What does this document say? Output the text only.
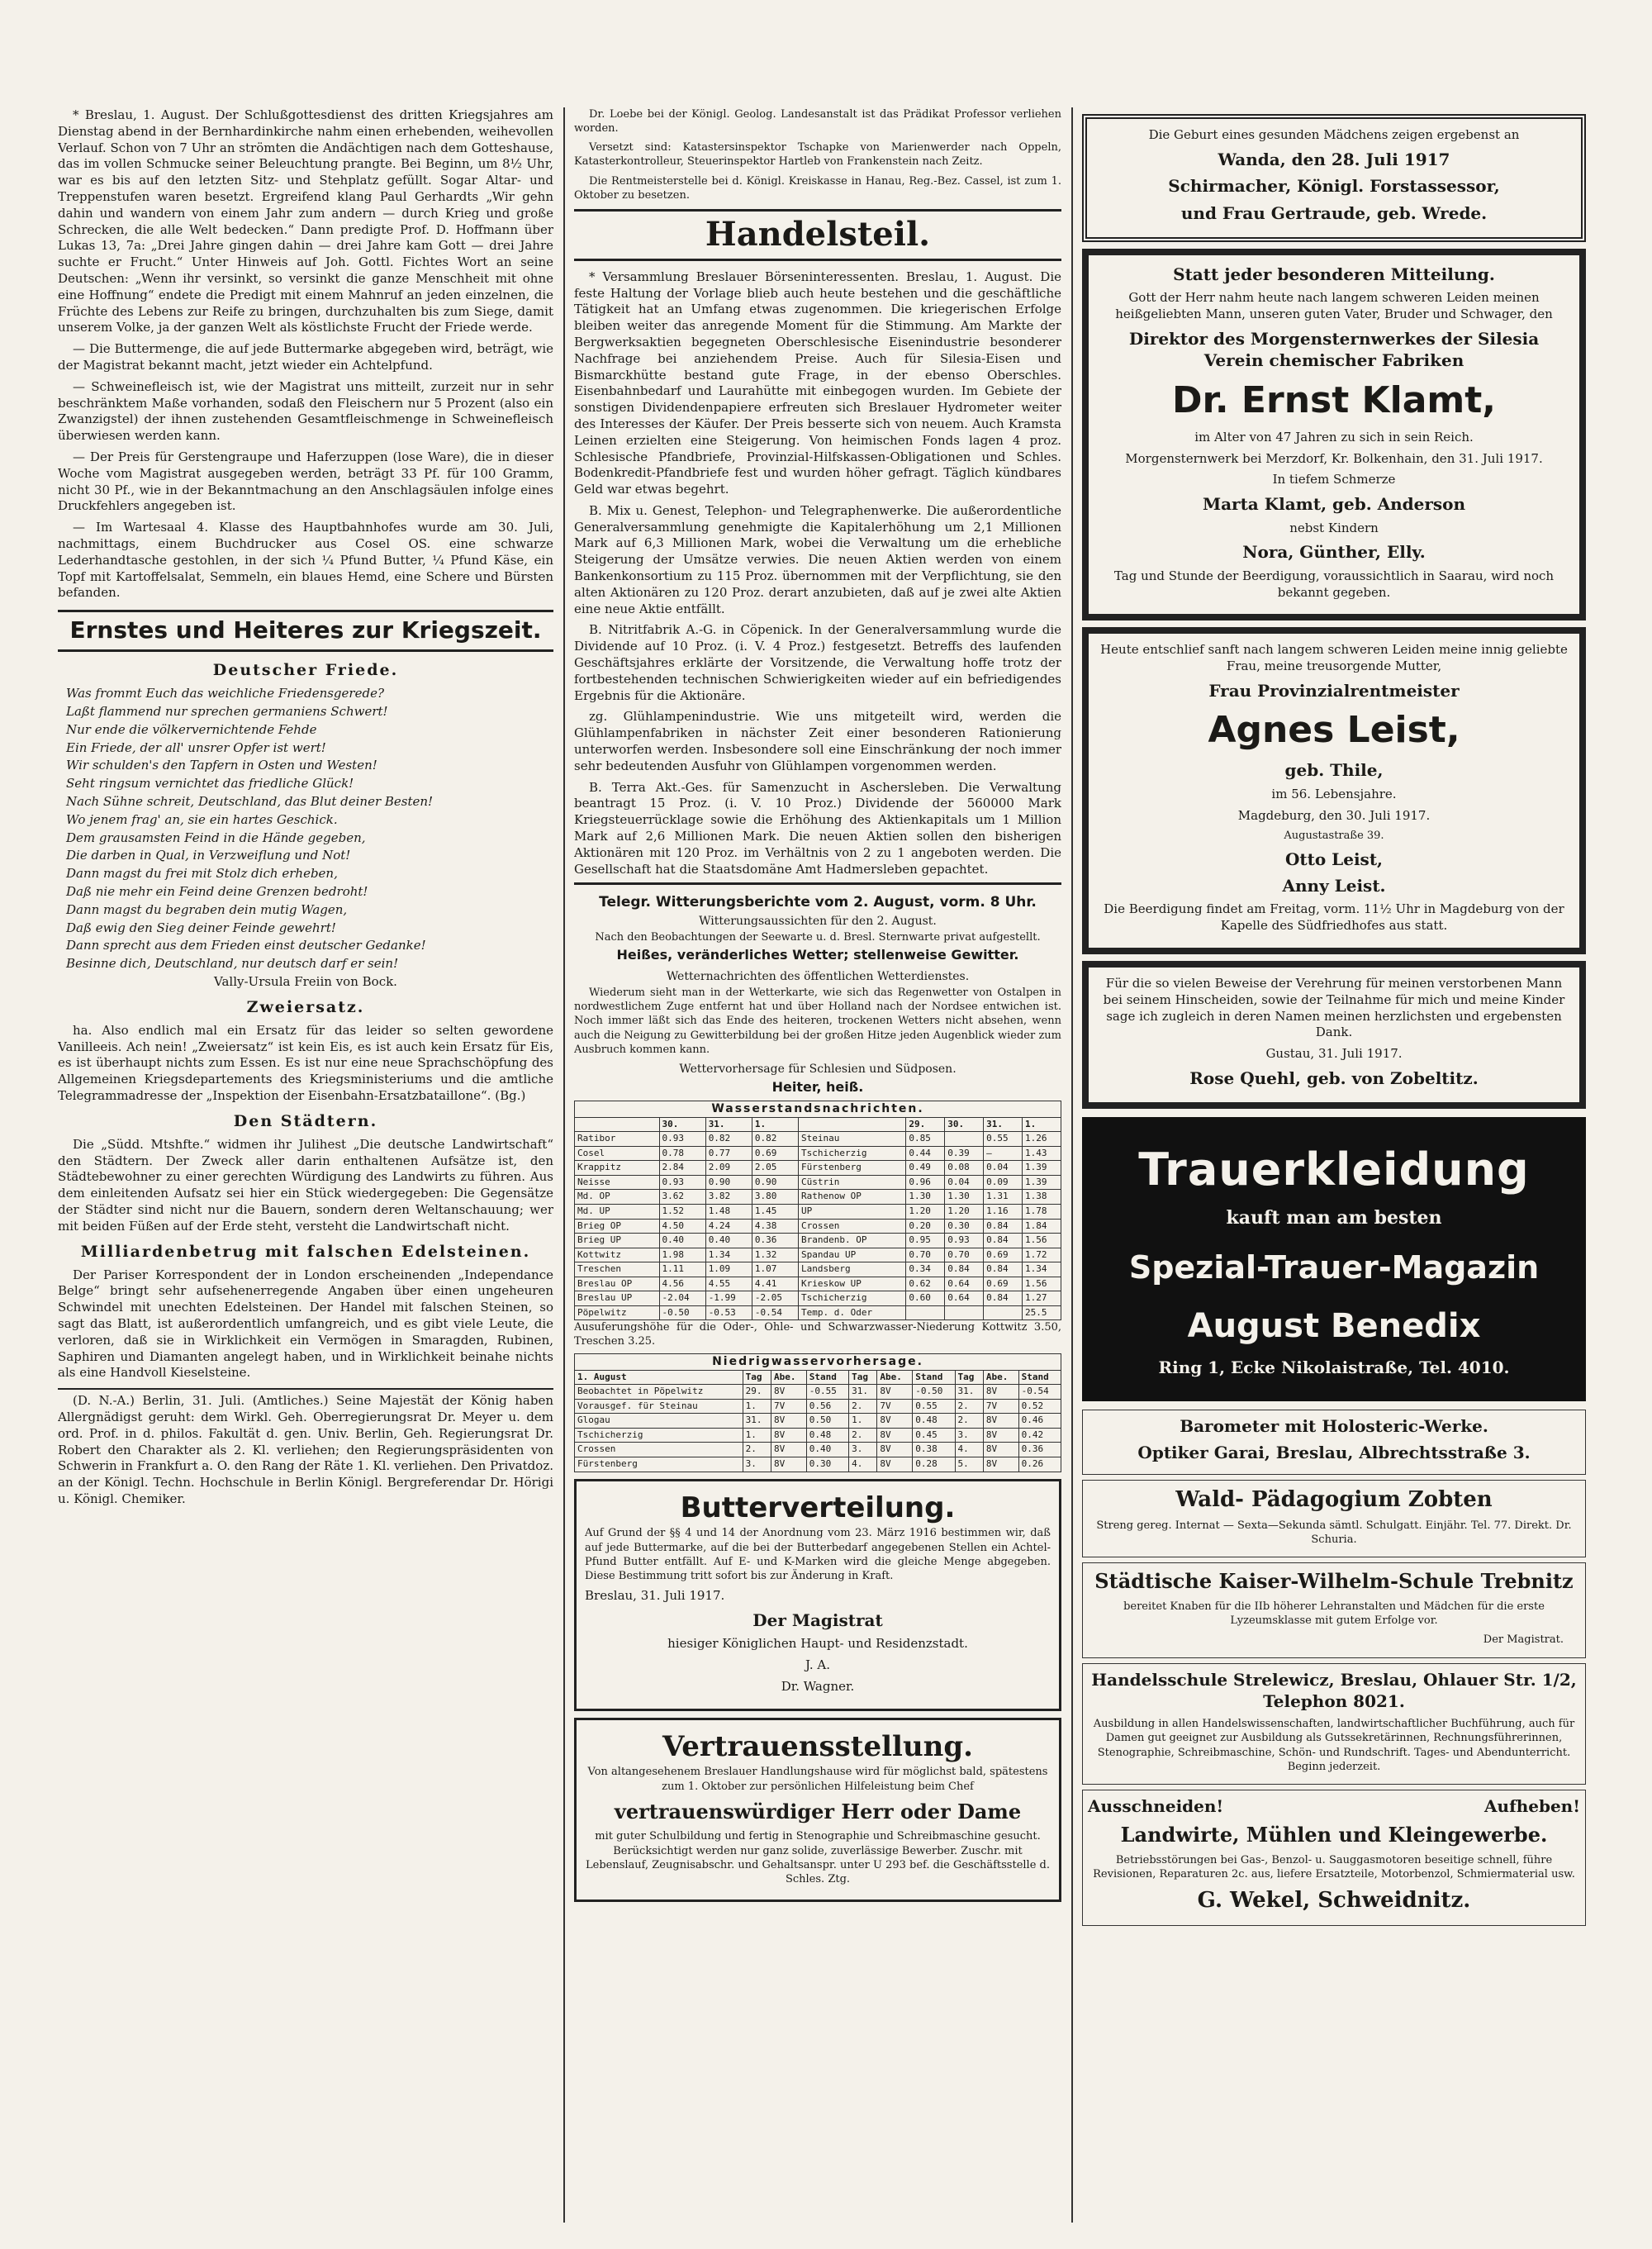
* Breslau, 1. August. Der Schlußgottesdienst des dritten Kriegsjahres am Dienstag abend in der Bernhardinkirche nahm einen erhebenden, weihevollen Verlauf. Schon von 7 Uhr an strömten die Andächtigen nach dem Gotteshause, das im vollen Schmucke seiner Beleuchtung prangte. Bei Beginn, um 8½ Uhr, war es bis auf den letzten Sitz- und Stehplatz gefüllt. Sogar Altar- und Treppenstufen waren besetzt. Ergreifend klang Paul Gerhardts „Wir gehn dahin und wandern von einem Jahr zum andern — durch Krieg und große Schrecken, die alle Welt bedecken.“ Dann predigte Prof. D. Hoffmann über Lukas 13, 7a: „Drei Jahre gingen dahin — drei Jahre kam Gott — drei Jahre suchte er Frucht.“ Unter Hinweis auf Joh. Gottl. Fichtes Wort an seine Deutschen: „Wenn ihr versinkt, so versinkt die ganze Menschheit mit ohne eine Hoffnung“ endete die Predigt mit einem Mahnruf an jeden einzelnen, die Früchte des Lebens zur Reife zu bringen, durchzuhalten bis zum Siege, damit unserem Volke, ja der ganzen Welt als köstlichste Frucht der Friede werde.

— Die Buttermenge, die auf jede Buttermarke abgegeben wird, beträgt, wie der Magistrat bekannt macht, jetzt wieder ein Achtelpfund.

— Schweinefleisch ist, wie der Magistrat uns mitteilt, zurzeit nur in sehr beschränktem Maße vorhanden, sodaß den Fleischern nur 5 Prozent (also ein Zwanzigstel) der ihnen zustehenden Gesamtfleischmenge in Schweinefleisch überwiesen werden kann.

— Der Preis für Gerstengraupe und Haferzuppen (lose Ware), die in dieser Woche vom Magistrat ausgegeben werden, beträgt 33 Pf. für 100 Gramm, nicht 30 Pf., wie in der Bekanntmachung an den Anschlagsäulen infolge eines Druckfehlers angegeben ist.

— Im Wartesaal 4. Klasse des Hauptbahnhofes wurde am 30. Juli, nachmittags, einem Buchdrucker aus Cosel OS. eine schwarze Lederhandtasche gestohlen, in der sich ¼ Pfund Butter, ¼ Pfund Käse, ein Topf mit Kartoffelsalat, Semmeln, ein blaues Hemd, eine Schere und Bürsten befanden.

Ernstes und Heiteres zur Kriegszeit.
Deutscher Friede.

Was frommt Euch das weichliche Friedensgerede?

Laßt flammend nur sprechen germaniens Schwert!

Nur ende die völkervernichtende Fehde

Ein Friede, der all' unsrer Opfer ist wert!

Wir schulden's den Tapfern in Osten und Westen!

Seht ringsum vernichtet das friedliche Glück!

Nach Sühne schreit, Deutschland, das Blut deiner Besten!

Wo jenem frag' an, sie ein hartes Geschick.

Dem grausamsten Feind in die Hände gegeben,

Die darben in Qual, in Verzweiflung und Not!

Dann magst du frei mit Stolz dich erheben,

Daß nie mehr ein Feind deine Grenzen bedroht!

Dann magst du begraben dein mutig Wagen,

Daß ewig den Sieg deiner Feinde gewehrt!

Dann sprecht aus dem Frieden einst deutscher Gedanke!

Besinne dich, Deutschland, nur deutsch darf er sein!

Vally-Ursula Freiin von Bock.

Zweiersatz.

ha. Also endlich mal ein Ersatz für das leider so selten gewordene Vanilleeis. Ach nein! „Zweiersatz“ ist kein Eis, es ist auch kein Ersatz für Eis, es ist überhaupt nichts zum Essen. Es ist nur eine neue Sprachschöpfung des Allgemeinen Kriegsdepartements des Kriegsministeriums und die amtliche Telegrammadresse der „Inspektion der Eisenbahn-Ersatzbataillone“. (Bg.)

Den Städtern.

Die „Südd. Mtshfte.“ widmen ihr Julihest „Die deutsche Landwirtschaft“ den Städtern. Der Zweck aller darin enthaltenen Aufsätze ist, den Städtebewohner zu einer gerechten Würdigung des Landwirts zu führen. Aus dem einleitenden Aufsatz sei hier ein Stück wiedergegeben: Die Gegensätze der Städter sind nicht nur die Bauern, sondern deren Weltanschauung; wer mit beiden Füßen auf der Erde steht, versteht die Landwirtschaft nicht.

Milliardenbetrug mit falschen Edelsteinen.

Der Pariser Korrespondent der in London erscheinenden „Independance Belge“ bringt sehr aufsehenerregende Angaben über einen ungeheuren Schwindel mit unechten Edelsteinen. Der Handel mit falschen Steinen, so sagt das Blatt, ist außerordentlich umfangreich, und es gibt viele Leute, die verloren, daß sie in Wirklichkeit ein Vermögen in Smaragden, Rubinen, Saphiren und Diamanten angelegt haben, und in Wirklichkeit beinahe nichts als eine Handvoll Kieselsteine.

(D. N.-A.) Berlin, 31. Juli. (Amtliches.) Seine Majestät der König haben Allergnädigst geruht: dem Wirkl. Geh. Oberregierungsrat Dr. Meyer u. dem ord. Prof. in d. philos. Fakultät d. gen. Univ. Berlin, Geh. Regierungsrat Dr. Robert den Charakter als 2. Kl. verliehen; den Regierungspräsidenten von Schwerin in Frankfurt a. O. den Rang der Räte 1. Kl. verliehen. Den Privatdoz. an der Königl. Techn. Hochschule in Berlin Königl. Bergreferendar Dr. Hörigi u. Königl. Chemiker.

Dr. Loebe bei der Königl. Geolog. Landesanstalt ist das Prädikat Professor verliehen worden.

Versetzt sind: Katastersinspektor Tschapke von Marienwerder nach Oppeln, Katasterkontrolleur, Steuerinspektor Hartleb von Frankenstein nach Zeitz.

Die Rentmeisterstelle bei d. Königl. Kreiskasse in Hanau, Reg.-Bez. Cassel, ist zum 1. Oktober zu besetzen.

Handelsteil.

* Versammlung Breslauer Börseninteressenten. Breslau, 1. August. Die feste Haltung der Vorlage blieb auch heute bestehen und die geschäftliche Tätigkeit hat an Umfang etwas zugenommen. Die kriegerischen Erfolge bleiben weiter das anregende Moment für die Stimmung. Am Markte der Bergwerksaktien begegneten Oberschlesische Eisenindustrie besonderer Nachfrage bei anziehendem Preise. Auch für Silesia-Eisen und Bismarckhütte bestand gute Frage, in der ebenso Oberschles. Eisenbahnbedarf und Laurahütte mit einbegogen wurden. Im Gebiete der sonstigen Dividendenpapiere erfreuten sich Breslauer Hydrometer weiter des Interesses der Käufer. Der Preis besserte sich von neuem. Auch Kramsta Leinen erzielten eine Steigerung. Von heimischen Fonds lagen 4 proz. Schlesische Pfandbriefe, Provinzial-Hilfskassen-Obligationen und Schles. Bodenkredit-Pfandbriefe fest und wurden höher gefragt. Täglich kündbares Geld war etwas begehrt.

B. Mix u. Genest, Telephon- und Telegraphenwerke. Die außerordentliche Generalversammlung genehmigte die Kapitalerhöhung um 2,1 Millionen Mark auf 6,3 Millionen Mark, wobei die Verwaltung um die erhebliche Steigerung der Umsätze verwies. Die neuen Aktien werden von einem Bankenkonsortium zu 115 Proz. übernommen mit der Verpflichtung, sie den alten Aktionären zu 120 Proz. derart anzubieten, daß auf je zwei alte Aktien eine neue Aktie entfällt.

B. Nitritfabrik A.-G. in Cöpenick. In der Generalversammlung wurde die Dividende auf 10 Proz. (i. V. 4 Proz.) festgesetzt. Betreffs des laufenden Geschäftsjahres erklärte der Vorsitzende, die Verwaltung hoffe trotz der fortbestehenden technischen Schwierigkeiten wieder auf ein befriedigendes Ergebnis für die Aktionäre.

zg. Glühlampenindustrie. Wie uns mitgeteilt wird, werden die Glühlampenfabriken in nächster Zeit einer besonderen Rationierung unterworfen werden. Insbesondere soll eine Einschränkung der noch immer sehr bedeutenden Ausfuhr von Glühlampen vorgenommen werden.

B. Terra Akt.-Ges. für Samenzucht in Aschersleben. Die Verwaltung beantragt 15 Proz. (i. V. 10 Proz.) Dividende der 560000 Mark Kriegsteuerrücklage sowie die Erhöhung des Aktienkapitals um 1 Million Mark auf 2,6 Millionen Mark. Die neuen Aktien sollen den bisherigen Aktionären mit 120 Proz. im Verhältnis von 2 zu 1 angeboten werden. Die Gesellschaft hat die Staatsdomäne Amt Hadmersleben gepachtet.

Telegr. Witterungsberichte vom 2. August, vorm. 8 Uhr.
Witterungsaussichten für den 2. August.
Nach den Beobachtungen der Seewarte u. d. Bresl. Sternwarte privat aufgestellt.
Heißes, veränderliches Wetter; stellenweise Gewitter.
Wetternachrichten des öffentlichen Wetterdienstes.

Wiederum sieht man in der Wetterkarte, wie sich das Regenwetter von Ostalpen in nordwestlichem Zuge entfernt hat und über Holland nach der Nordsee entwichen ist. Noch immer läßt sich das Ende des heiteren, trockenen Wetters nicht absehen, wenn auch die Neigung zu Gewitterbildung bei der großen Hitze jeden Augenblick wieder zum Ausbruch kommen kann.

Wettervorhersage für Schlesien und Südposen.
Heiter, heiß.
Wasserstandsnachrichten.
	30.	31.	1.		29.	30.	31.	1.
Ratibor	0.93	0.82	0.82	Steinau	0.85		0.55	1.26
Cosel	0.78	0.77	0.69	Tschicherzig	0.44	0.39	—	1.43
Krappitz	2.84	2.09	2.05	Fürstenberg	0.49	0.08	0.04	1.39
Neisse	0.93	0.90	0.90	Cüstrin	0.96	0.04	0.09	1.39
Md. OP	3.62	3.82	3.80	Rathenow OP	1.30	1.30	1.31	1.38
Md. UP	1.52	1.48	1.45	UP	1.20	1.20	1.16	1.78
Brieg OP	4.50	4.24	4.38	Crossen	0.20	0.30	0.84	1.84
Brieg UP	0.40	0.40	0.36	Brandenb. OP	0.95	0.93	0.84	1.56
Kottwitz	1.98	1.34	1.32	Spandau UP	0.70	0.70	0.69	1.72
Treschen	1.11	1.09	1.07	Landsberg	0.34	0.84	0.84	1.34
Breslau OP	4.56	4.55	4.41	Krieskow UP	0.62	0.64	0.69	1.56
Breslau UP	-2.04	-1.99	-2.05	Tschicherzig	0.60	0.64	0.84	1.27
Pöpelwitz	-0.50	-0.53	-0.54	Temp. d. Oder				25.5

Ausuferungshöhe für die Oder-, Ohle- und Schwarzwasser-Niederung Kottwitz 3.50, Treschen 3.25.

Niedrigwasservorhersage.
1. August	Tag	Abe.	Stand	Tag	Abe.	Stand	Tag	Abe.	Stand
Beobachtet in Pöpelwitz	29.	8V	-0.55	31.	8V	-0.50	31.	8V	-0.54
Vorausgef. für Steinau	1.	7V	0.56	2.	7V	0.55	2.	7V	0.52
Glogau	31.	8V	0.50	1.	8V	0.48	2.	8V	0.46
Tschicherzig	1.	8V	0.48	2.	8V	0.45	3.	8V	0.42
Crossen	2.	8V	0.40	3.	8V	0.38	4.	8V	0.36
Fürstenberg	3.	8V	0.30	4.	8V	0.28	5.	8V	0.26
Butterverteilung.

Auf Grund der §§ 4 und 14 der Anordnung vom 23. März 1916 bestimmen wir, daß auf jede Buttermarke, auf die bei der Butterbedarf angegebenen Stellen ein Achtel-Pfund Butter entfällt. Auf E- und K-Marken wird die gleiche Menge abgegeben. Diese Bestimmung tritt sofort bis zur Änderung in Kraft.

Breslau, 31. Juli 1917.

Der Magistrat

hiesiger Königlichen Haupt- und Residenzstadt.

J. A.

Dr. Wagner.

Vertrauensstellung.

Von altangesehenem Breslauer Handlungshause wird für möglichst bald, spätestens zum 1. Oktober zur persönlichen Hilfeleistung beim Chef

vertrauenswürdiger Herr oder Dame

mit guter Schulbildung und fertig in Stenographie und Schreibmaschine gesucht. Berücksichtigt werden nur ganz solide, zuverlässige Bewerber. Zuschr. mit Lebenslauf, Zeugnisabschr. und Gehaltsanspr. unter U 293 bef. die Geschäftsstelle d. Schles. Ztg.

Die Geburt eines gesunden Mädchens zeigen ergebenst an

Wanda, den 28. Juli 1917

Schirmacher, Königl. Forstassessor,

und Frau Gertraude, geb. Wrede.

Statt jeder besonderen Mitteilung.

Gott der Herr nahm heute nach langem schweren Leiden meinen heißgeliebten Mann, unseren guten Vater, Bruder und Schwager, den

Direktor des Morgensternwerkes der Silesia Verein chemischer Fabriken

Dr. Ernst Klamt,

im Alter von 47 Jahren zu sich in sein Reich.

Morgensternwerk bei Merzdorf, Kr. Bolkenhain, den 31. Juli 1917.

In tiefem Schmerze

Marta Klamt, geb. Anderson

nebst Kindern

Nora, Günther, Elly.

Tag und Stunde der Beerdigung, voraussichtlich in Saarau, wird noch bekannt gegeben.

Heute entschlief sanft nach langem schweren Leiden meine innig geliebte Frau, meine treusorgende Mutter,

Frau Provinzialrentmeister

Agnes Leist,

geb. Thile,

im 56. Lebensjahre.

Magdeburg, den 30. Juli 1917.

Augustastraße 39.

Otto Leist,

Anny Leist.

Die Beerdigung findet am Freitag, vorm. 11½ Uhr in Magdeburg von der Kapelle des Südfriedhofes aus statt.

Für die so vielen Beweise der Verehrung für meinen verstorbenen Mann bei seinem Hinscheiden, sowie der Teilnahme für mich und meine Kinder sage ich zugleich in deren Namen meinen herzlichsten und ergebensten Dank.

Gustau, 31. Juli 1917.

Rose Quehl, geb. von Zobeltitz.

Trauerkleidung
kauft man am besten
Spezial-Trauer-Magazin
August Benedix
Ring 1, Ecke Nikolaistraße, Tel. 4010.

Barometer mit Holosteric-Werke.

Optiker Garai, Breslau, Albrechtsstraße 3.

Wald- Pädagogium Zobten

Streng gereg. Internat — Sexta—Sekunda sämtl. Schulgatt. Einjähr. Tel. 77. Direkt. Dr. Schuria.

Städtische Kaiser-Wilhelm-Schule Trebnitz

bereitet Knaben für die IIb höherer Lehranstalten und Mädchen für die erste Lyzeumsklasse mit gutem Erfolge vor.

Der Magistrat.

Handelsschule Strelewicz, Breslau, Ohlauer Str. 1/2, Telephon 8021.

Ausbildung in allen Handelswissenschaften, landwirtschaftlicher Buchführung, auch für Damen gut geeignet zur Ausbildung als Gutssekretärinnen, Rechnungsführerinnen, Stenographie, Schreibmaschine, Schön- und Rundschrift. Tages- und Abendunterricht. Beginn jederzeit.

Ausschneiden!	Aufheben!

Landwirte, Mühlen und Kleingewerbe.

Betriebsstörungen bei Gas-, Benzol- u. Sauggasmotoren beseitige schnell, führe Revisionen, Reparaturen 2c. aus, liefere Ersatzteile, Motorbenzol, Schmiermaterial usw.

G. Wekel, Schweidnitz.
